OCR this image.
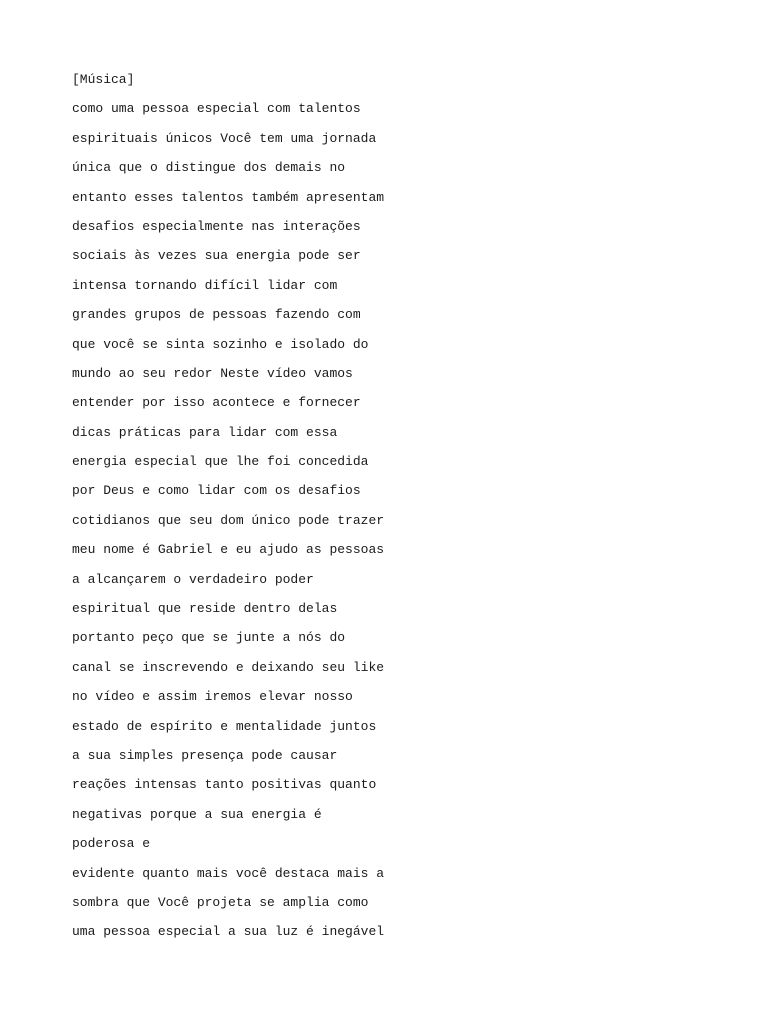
[Música]
como uma pessoa especial com talentos
espirituais únicos Você tem uma jornada
única que o distingue dos demais no
entanto esses talentos também apresentam
desafios especialmente nas interações
sociais às vezes sua energia pode ser
intensa tornando difícil lidar com
grandes grupos de pessoas fazendo com
que você se sinta sozinho e isolado do
mundo ao seu redor Neste vídeo vamos
entender por isso acontece e fornecer
dicas práticas para lidar com essa
energia especial que lhe foi concedida
por Deus e como lidar com os desafios
cotidianos que seu dom único pode trazer
meu nome é Gabriel e eu ajudo as pessoas
a alcançarem o verdadeiro poder
espiritual que reside dentro delas
portanto peço que se junte a nós do
canal se inscrevendo e deixando seu like
no vídeo e assim iremos elevar nosso
estado de espírito e mentalidade juntos
a sua simples presença pode causar
reações intensas tanto positivas quanto
negativas porque a sua energia é
poderosa e
evidente quanto mais você destaca mais a
sombra que Você projeta se amplia como
uma pessoa especial a sua luz é inegável
